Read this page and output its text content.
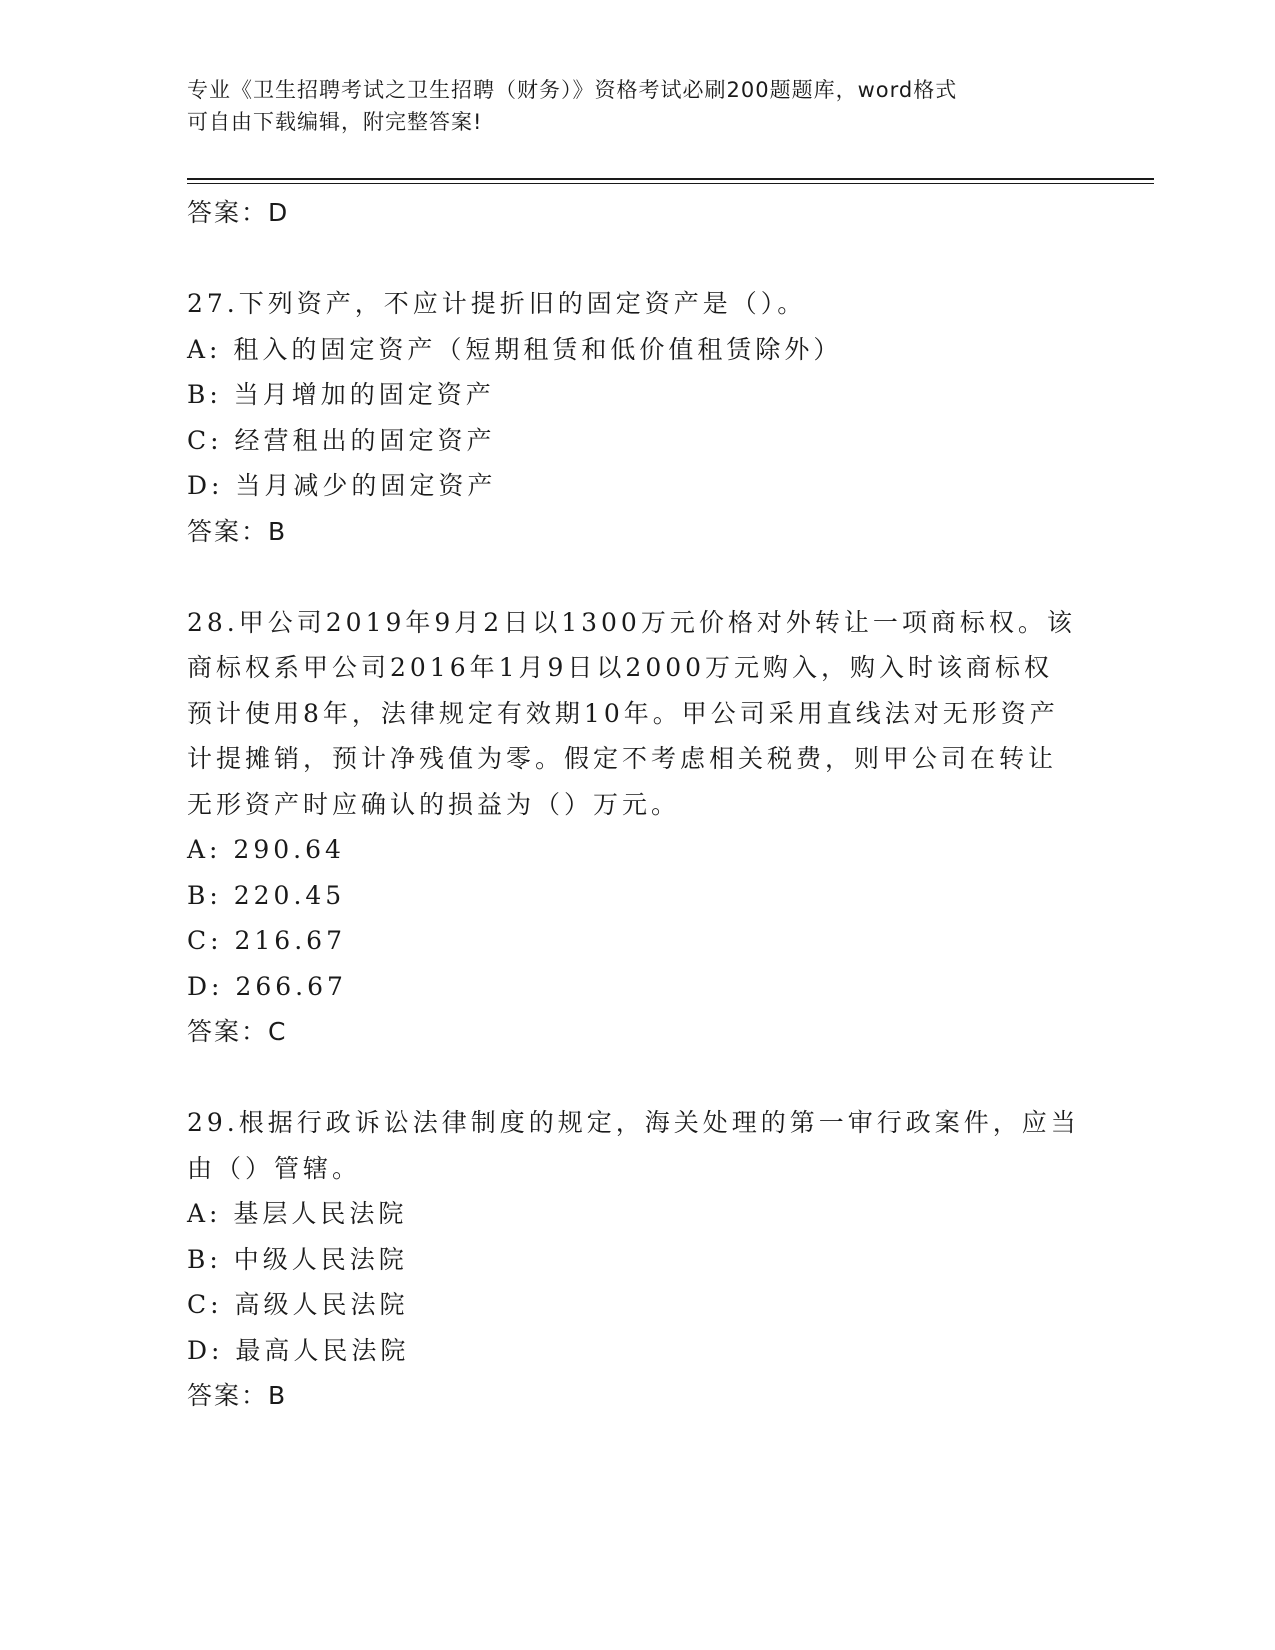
专业《卫生招聘考试之卫生招聘（财务）》资格考试必刷200题题库，word格式
可自由下载编辑，附完整答案!
答案：D
27.下列资产，不应计提折旧的固定资产是（）。
A: 租入的固定资产（短期租赁和低价值租赁除外）
B: 当月增加的固定资产
C: 经营租出的固定资产
D: 当月减少的固定资产
答案：B
28.甲公司2019年9月2日以1300万元价格对外转让一项商标权。该
商标权系甲公司2016年1月9日以2000万元购入，购入时该商标权
预计使用8年，法律规定有效期10年。甲公司采用直线法对无形资产
计提摊销，预计净残值为零。假定不考虑相关税费，则甲公司在转让
无形资产时应确认的损益为（）万元。
A: 290.64
B: 220.45
C: 216.67
D: 266.67
答案：C
29.根据行政诉讼法律制度的规定，海关处理的第一审行政案件，应当
由（）管辖。
A: 基层人民法院
B: 中级人民法院
C: 高级人民法院
D: 最高人民法院
答案：B
